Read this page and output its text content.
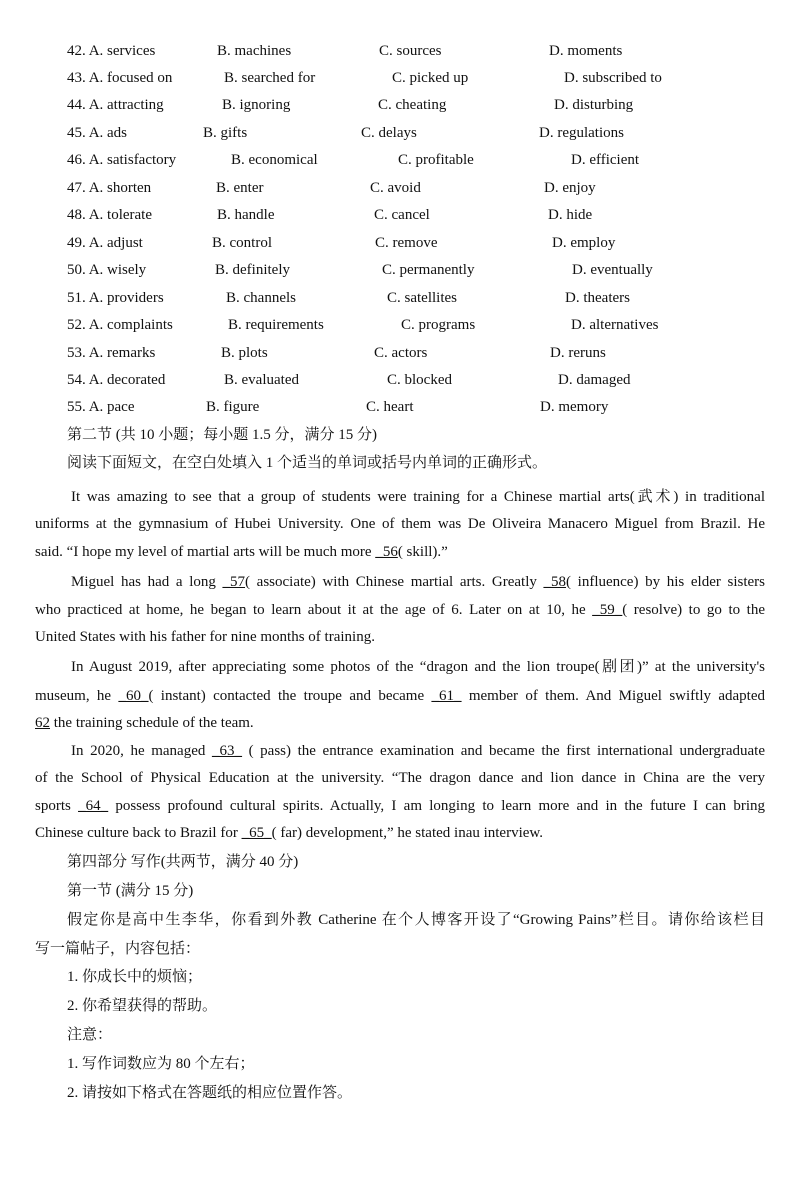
42. A. services	B. machines	C. sources	D. moments
43. A. focused on	B. searched for	C. picked up	D. subscribed to
44. A. attracting	B. ignoring	C. cheating	D. disturbing
45. A. ads	B. gifts	C. delays	D. regulations
46. A. satisfactory	B. economical	C. profitable	D. efficient
47. A. shorten	B. enter	C. avoid	D. enjoy
48. A. tolerate	B. handle	C. cancel	D. hide
49. A. adjust	B. control	C. remove	D. employ
50. A. wisely	B. definitely	C. permanently	D. eventually
51. A. providers	B. channels	C. satellites	D. theaters
52. A. complaints	B. requirements	C. programs	D. alternatives
53. A. remarks	B. plots	C. actors	D. reruns
54. A. decorated	B. evaluated	C. blocked	D. damaged
55. A. pace	B. figure	C. heart	D. memory
第二节 (共 10 小题；每小题 1.5 分，满分 15 分)
阅读下面短文，在空白处填入 1 个适当的单词或括号内单词的正确形式。
It was amazing to see that a group of students were training for a Chinese martial arts(武术) in traditional
uniforms at the gymnasium of Hubei University. One of them was De Oliveira Manacero Miguel from Brazil. He
said. “I hope my level of martial arts will be much more _56( skill).”
Miguel has had a long _57( associate) with Chinese martial arts. Greatly _58( influence) by his elder sisters
who practiced at home, he began to learn about it at the age of 6. Later on at 10, he _59_( resolve) to go to the
United States with his father for nine months of training.
In August 2019, after appreciating some photos of the “dragon and the lion troupe(剧团)” at the university's
museum, he _60_( instant) contacted the troupe and became _61_ member of them. And Miguel swiftly adapted
62 the training schedule of the team.
In 2020, he managed _63_ ( pass) the entrance examination and became the first international undergraduate
of the School of Physical Education at the university. “The dragon dance and lion dance in China are the very
sports _64_ possess profound cultural spirits. Actually, I am longing to learn more and in the future I can bring
Chinese culture back to Brazil for _65_( far) development,” he stated inau interview.
第四部分 写作(共两节，满分 40 分)
第一节 (满分 15 分)
假定你是高中生李华，你看到外教 Catherine 在个人博客开设了“Growing Pains”栏目。请你给该栏目
写一篇帖子，内容包括：
1. 你成长中的烦恼；
2. 你希望获得的帮助。
注意：
1. 写作词数应为 80 个左右；
2. 请按如下格式在答题纸的相应位置作答。
